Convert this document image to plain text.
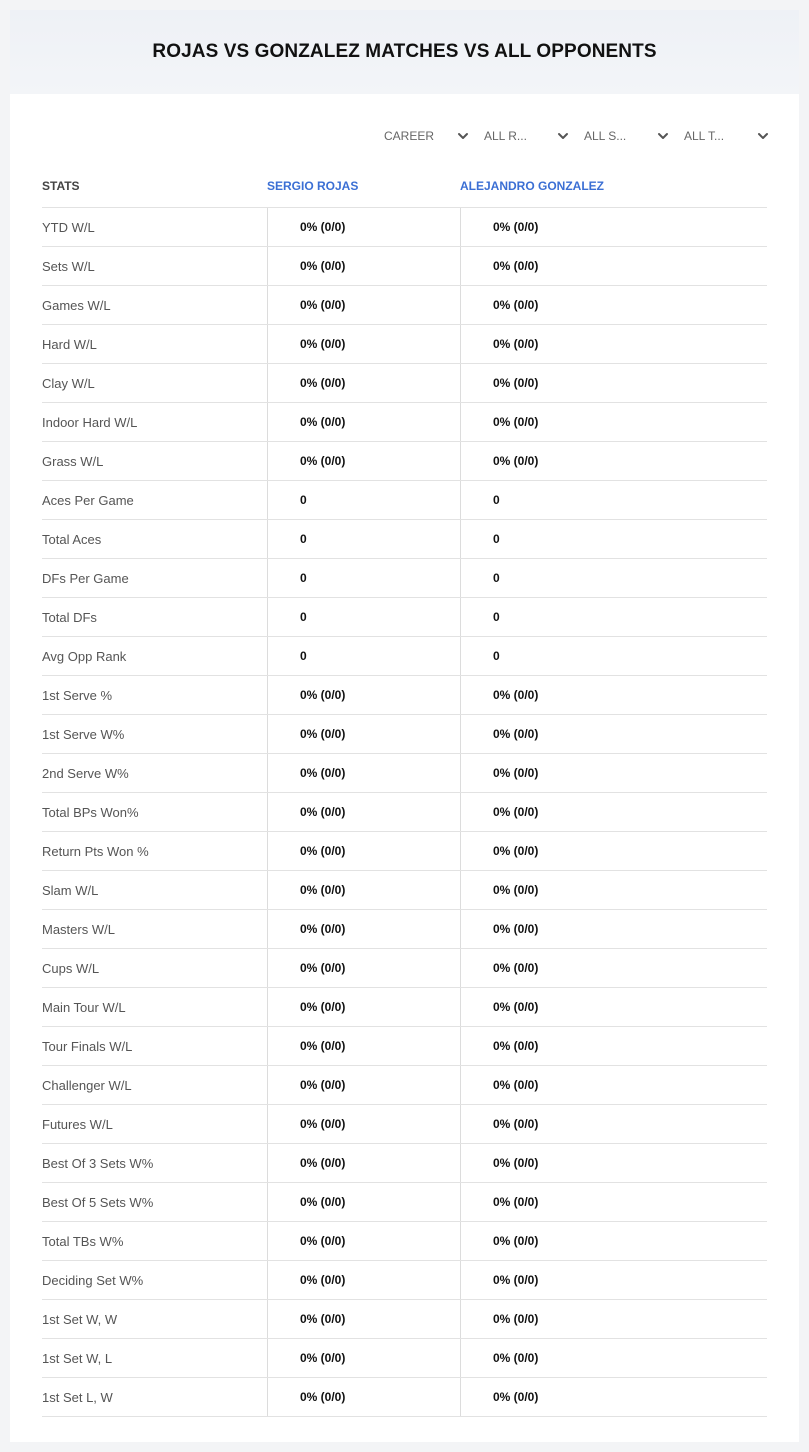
ROJAS VS GONZALEZ MATCHES VS ALL OPPONENTS
CAREER	ALL R...	ALL S...	ALL T...
STATS	SERGIO ROJAS	ALEJANDRO GONZALEZ
YTD W/L	0% (0/0)	0% (0/0)
Sets W/L	0% (0/0)	0% (0/0)
Games W/L	0% (0/0)	0% (0/0)
Hard W/L	0% (0/0)	0% (0/0)
Clay W/L	0% (0/0)	0% (0/0)
Indoor Hard W/L	0% (0/0)	0% (0/0)
Grass W/L	0% (0/0)	0% (0/0)
Aces Per Game	0	0
Total Aces	0	0
DFs Per Game	0	0
Total DFs	0	0
Avg Opp Rank	0	0
1st Serve %	0% (0/0)	0% (0/0)
1st Serve W%	0% (0/0)	0% (0/0)
2nd Serve W%	0% (0/0)	0% (0/0)
Total BPs Won%	0% (0/0)	0% (0/0)
Return Pts Won %	0% (0/0)	0% (0/0)
Slam W/L	0% (0/0)	0% (0/0)
Masters W/L	0% (0/0)	0% (0/0)
Cups W/L	0% (0/0)	0% (0/0)
Main Tour W/L	0% (0/0)	0% (0/0)
Tour Finals W/L	0% (0/0)	0% (0/0)
Challenger W/L	0% (0/0)	0% (0/0)
Futures W/L	0% (0/0)	0% (0/0)
Best Of 3 Sets W%	0% (0/0)	0% (0/0)
Best Of 5 Sets W%	0% (0/0)	0% (0/0)
Total TBs W%	0% (0/0)	0% (0/0)
Deciding Set W%	0% (0/0)	0% (0/0)
1st Set W, W	0% (0/0)	0% (0/0)
1st Set W, L	0% (0/0)	0% (0/0)
1st Set L, W	0% (0/0)	0% (0/0)
